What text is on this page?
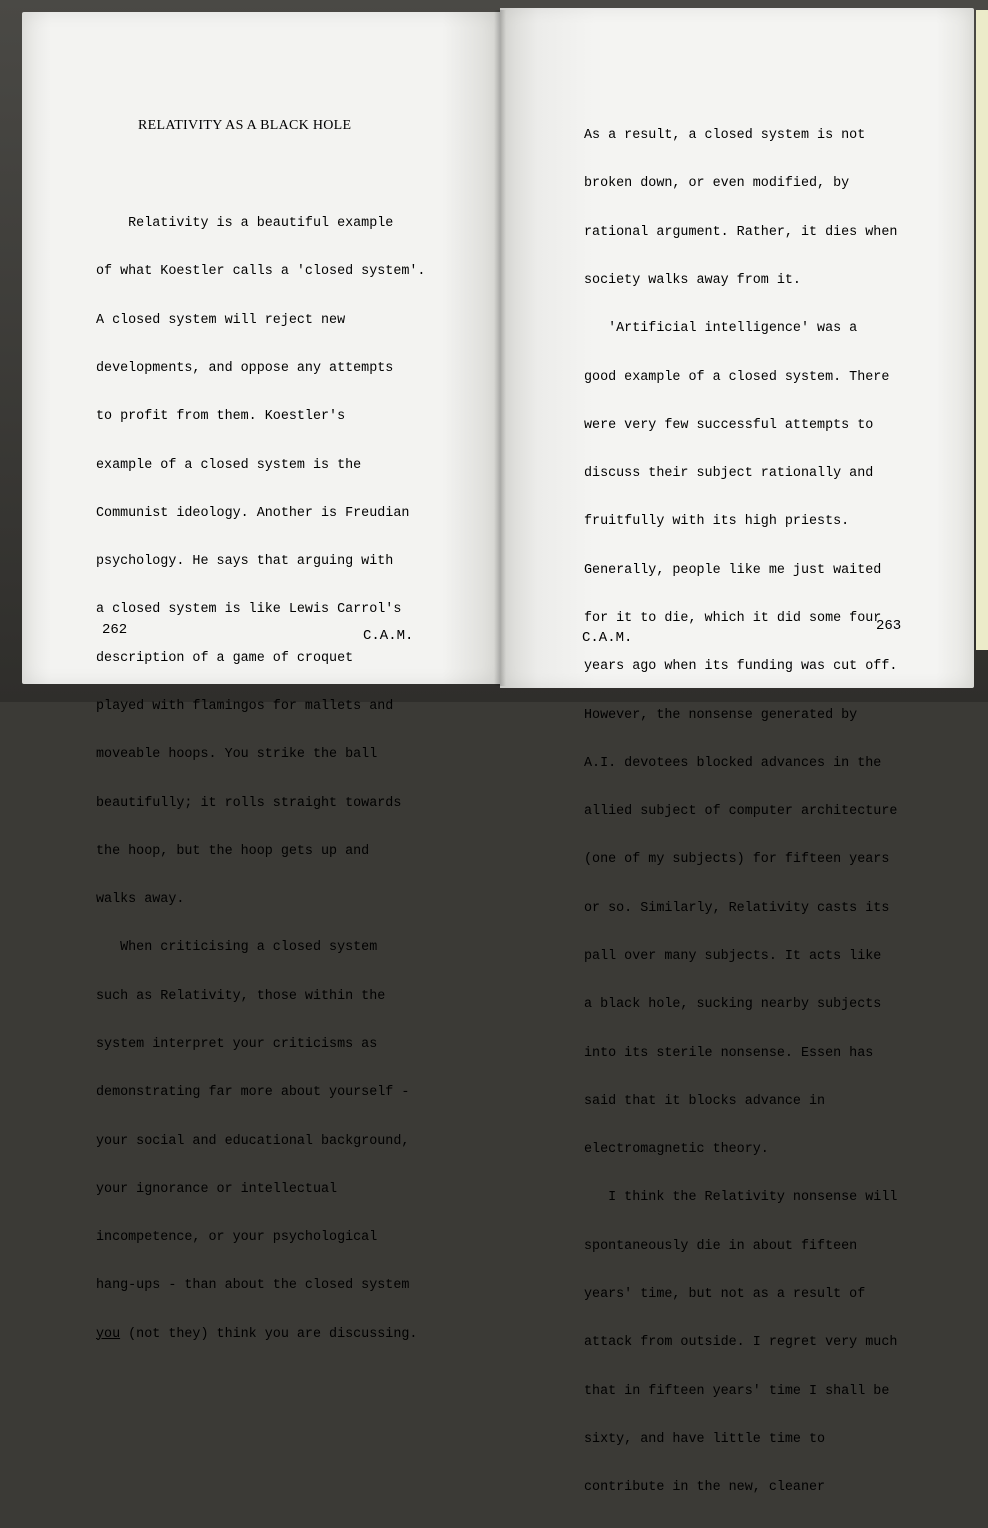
RELATIVITY AS A BLACK HOLE

Relativity is a beautiful example

of what Koestler calls a 'closed system'.

A closed system will reject new

developments, and oppose any attempts

to profit from them. Koestler's

example of a closed system is the

Communist ideology. Another is Freudian

psychology. He says that arguing with

a closed system is like Lewis Carrol's

description of a game of croquet

played with flamingos for mallets and

moveable hoops. You strike the ball

beautifully; it rolls straight towards

the hoop, but the hoop gets up and

walks away.

When criticising a closed system

such as Relativity, those within the

system interpret your criticisms as

demonstrating far more about yourself -

your social and educational background,

your ignorance or intellectual

incompetence, or your psychological

hang-ups - than about the closed system

you (not they) think you are discussing.

262	C.A.M.

As a result, a closed system is not

broken down, or even modified, by

rational argument. Rather, it dies when

society walks away from it.

'Artificial intelligence' was a

good example of a closed system. There

were very few successful attempts to

discuss their subject rationally and

fruitfully with its high priests.

Generally, people like me just waited

for it to die, which it did some four

years ago when its funding was cut off.

However, the nonsense generated by

A.I. devotees blocked advances in the

allied subject of computer architecture

(one of my subjects) for fifteen years

or so. Similarly, Relativity casts its

pall over many subjects. It acts like

a black hole, sucking nearby subjects

into its sterile nonsense. Essen has

said that it blocks advance in

electromagnetic theory.

I think the Relativity nonsense will

spontaneously die in about fifteen

years' time, but not as a result of

attack from outside. I regret very much

that in fifteen years' time I shall be

sixty, and have little time to

contribute in the new, cleaner

C.A.M.
263
